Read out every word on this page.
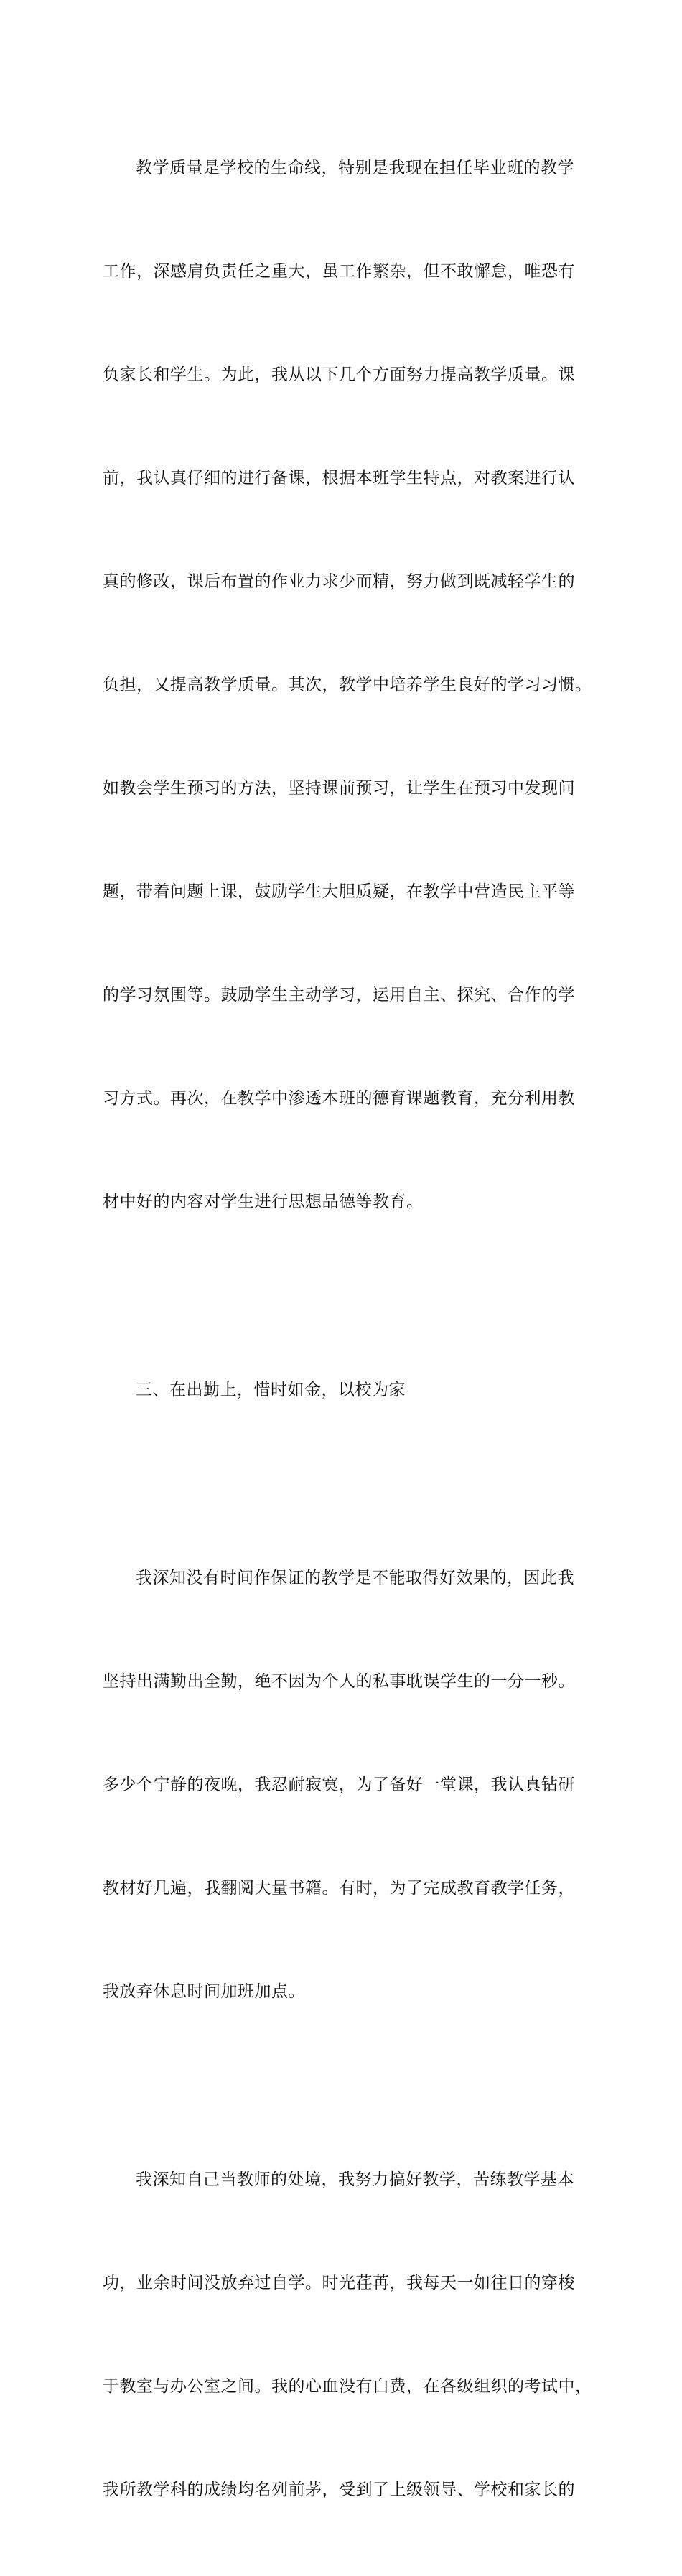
教学质量是学校的生命线，特别是我现在担任毕业班的教学

工作，深感肩负责任之重大，虽工作繁杂，但不敢懈怠，唯恐有

负家长和学生。为此，我从以下几个方面努力提高教学质量。课

前，我认真仔细的进行备课，根据本班学生特点，对教案进行认

真的修改，课后布置的作业力求少而精，努力做到既减轻学生的

负担，又提高教学质量。其次，教学中培养学生良好的学习习惯。

如教会学生预习的方法，坚持课前预习，让学生在预习中发现问

题，带着问题上课，鼓励学生大胆质疑，在教学中营造民主平等

的学习氛围等。鼓励学生主动学习，运用自主、探究、合作的学

习方式。再次，在教学中渗透本班的德育课题教育，充分利用教

材中好的内容对学生进行思想品德等教育。

三、在出勤上，惜时如金，以校为家

我深知没有时间作保证的教学是不能取得好效果的，因此我

坚持出满勤出全勤，绝不因为个人的私事耽误学生的一分一秒。

多少个宁静的夜晚，我忍耐寂寞，为了备好一堂课，我认真钻研

教材好几遍，我翻阅大量书籍。有时，为了完成教育教学任务，

我放弃休息时间加班加点。

我深知自己当教师的处境，我努力搞好教学，苦练教学基本

功，业余时间没放弃过自学。时光荏苒，我每天一如往日的穿梭

于教室与办公室之间。我的心血没有白费，在各级组织的考试中，

我所教学科的成绩均名列前茅，受到了上级领导、学校和家长的
